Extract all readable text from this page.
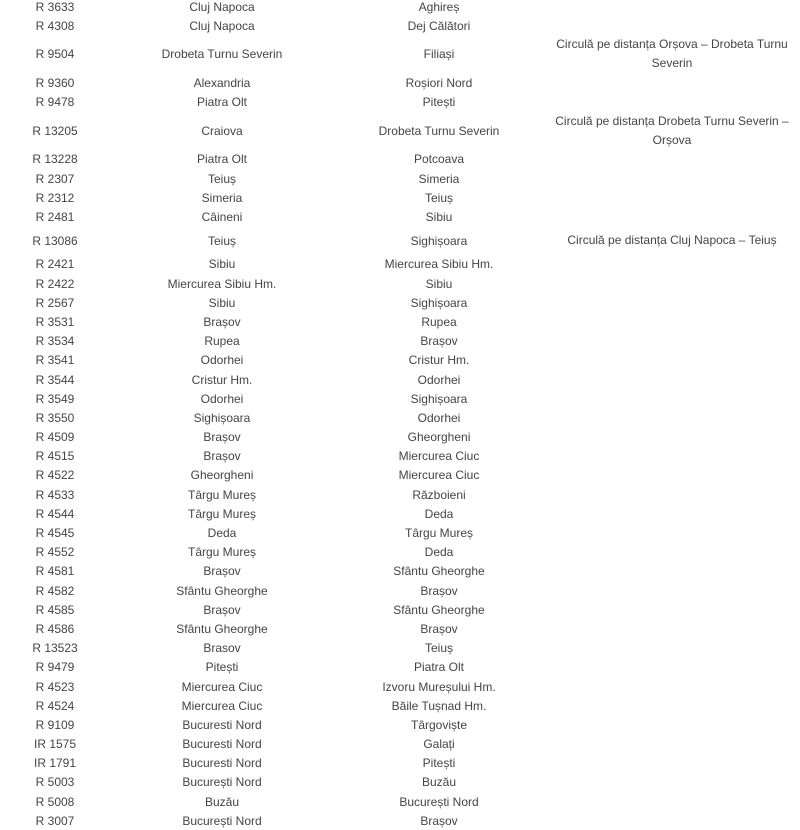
R 3633	Cluj Napoca	Aghireș	
R 4308	Cluj Napoca	Dej Călători	
R 9504	Drobeta Turnu Severin	Filiași	Circulă pe distanța Orșova – Drobeta Turnu Severin
R 9360	Alexandria	Roșiori Nord	
R 9478	Piatra Olt	Pitești	
R 13205	Craiova	Drobeta Turnu Severin	Circulă pe distanța Drobeta Turnu Severin – Orșova
R 13228	Piatra Olt	Potcoava	
R 2307	Teiuș	Simeria	
R 2312	Simeria	Teiuș	
R 2481	Câineni	Sibiu	
R 13086	Teiuș	Sighișoara	Circulă pe distanța Cluj Napoca – Teiuș
R 2421	Sibiu	Miercurea Sibiu Hm.	
R 2422	Miercurea Sibiu Hm.	Sibiu	
R 2567	Sibiu	Sighișoara	
R 3531	Brașov	Rupea	
R 3534	Rupea	Brașov	
R 3541	Odorhei	Cristur Hm.	
R 3544	Cristur Hm.	Odorhei	
R 3549	Odorhei	Sighișoara	
R 3550	Sighișoara	Odorhei	
R 4509	Brașov	Gheorgheni	
R 4515	Brașov	Miercurea Ciuc	
R 4522	Gheorgheni	Miercurea Ciuc	
R 4533	Târgu Mureș	Războieni	
R 4544	Târgu Mureș	Deda	
R 4545	Deda	Târgu Mureș	
R 4552	Târgu Mureș	Deda	
R 4581	Brașov	Sfântu Gheorghe	
R 4582	Sfântu Gheorghe	Brașov	
R 4585	Brașov	Sfântu Gheorghe	
R 4586	Sfântu Gheorghe	Brașov	
R 13523	Brasov	Teiuș	
R 9479	Pitești	Piatra Olt	
R 4523	Miercurea Ciuc	Izvoru Mureșului Hm.	
R 4524	Miercurea Ciuc	Băile Tușnad Hm.	
R 9109	Bucuresti Nord	Târgoviște	
IR 1575	Bucuresti Nord	Galați	
IR 1791	Bucuresti Nord	Pitești	
R 5003	București Nord	Buzău	
R 5008	Buzău	București Nord	
R 3007	București Nord	Brașov	
